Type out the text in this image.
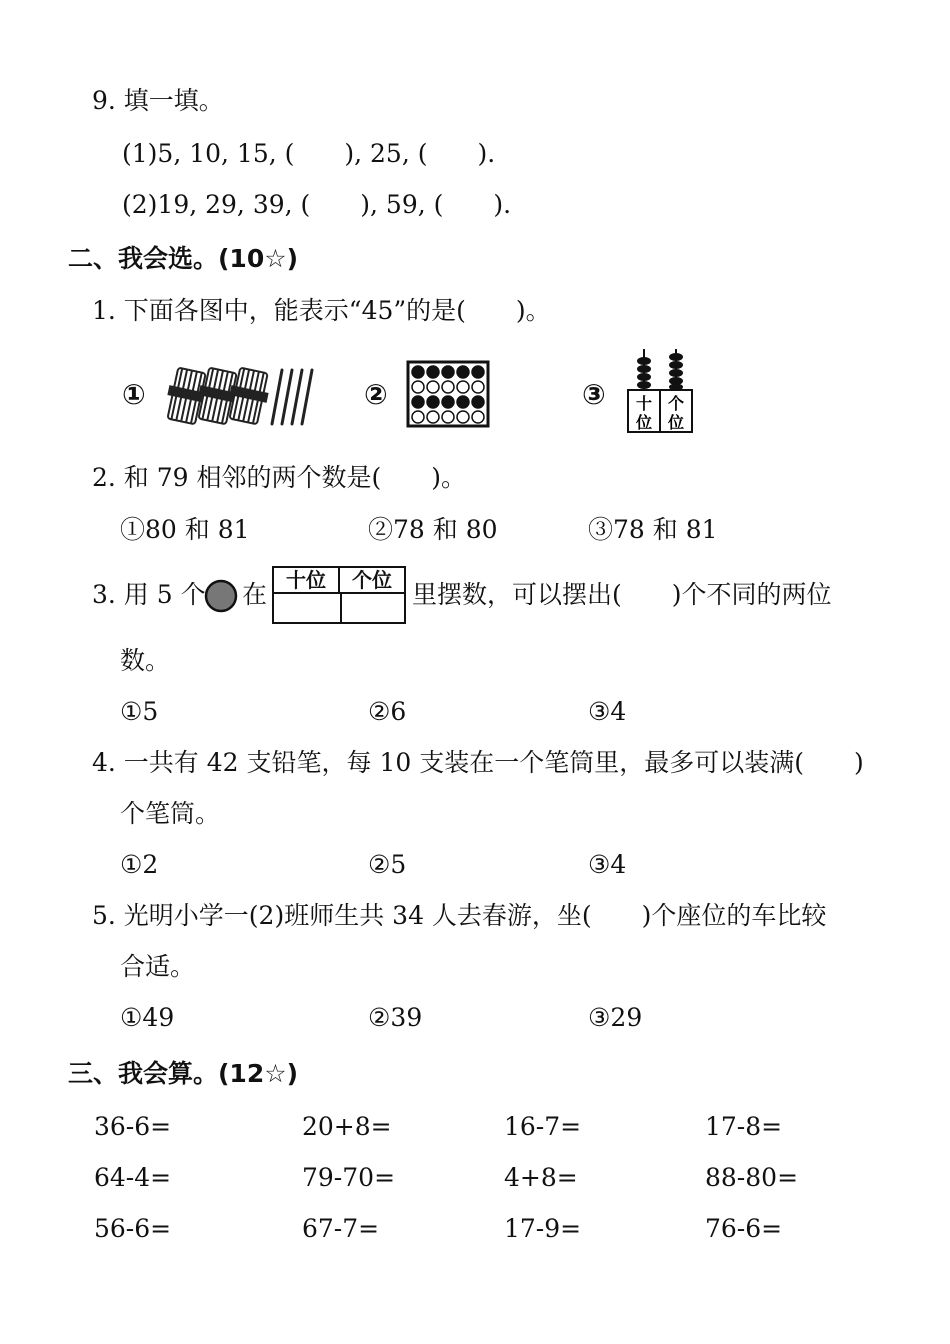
9. 填一填。
(1)5, 10, 15, (　　), 25, (　　).
(2)19, 29, 39, (　　), 59, (　　).
二、我会选。(10☆)
1. 下面各图中，能表示“45”的是(　　)。
①	②	③ 十
位
个
位
2. 和 79 相邻的两个数是(　　)。
①80 和 81	②78 和 80	③78 和 81
3. 用 5 个 在 十位	个位 里摆数，可以摆出(　　)个不同的两位
数。
①5	②6	③4
4. 一共有 42 支铅笔，每 10 支装在一个笔筒里，最多可以装满(　　)
个笔筒。
①2	②5	③4
5. 光明小学一(2)班师生共 34 人去春游，坐(　　)个座位的车比较
合适。
①49	②39	③29
三、我会算。(12☆)
36-6=	20+8=	16-7=	17-8=
64-4=	79-70=	4+8=	88-80=
56-6=	67-7=	17-9=	76-6=
